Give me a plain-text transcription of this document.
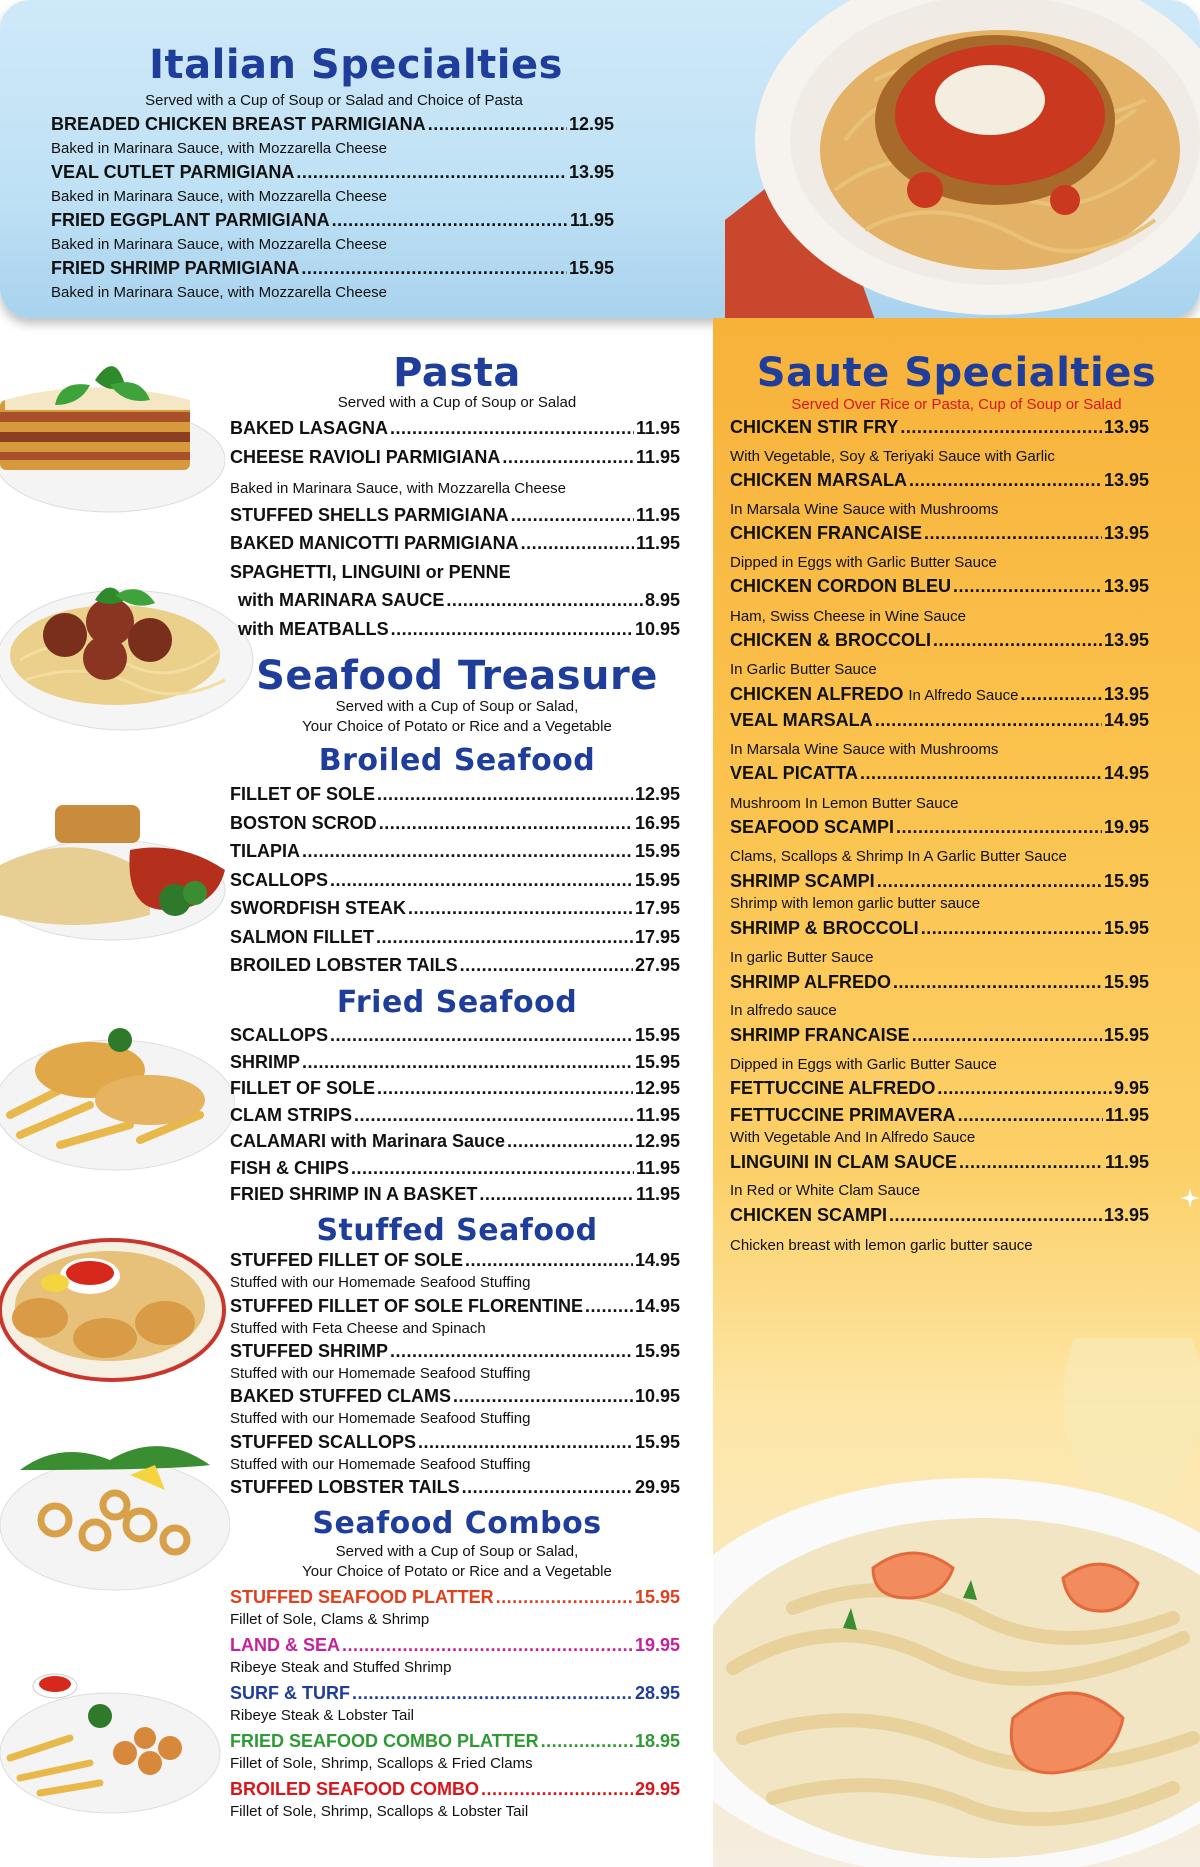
Italian Specialties
Served with a Cup of Soup or Salad and Choice of Pasta
BREADED CHICKEN BREAST PARMIGIANA .....	12.95
Baked in Marinara Sauce, with Mozzarella Cheese
VEAL CUTLET PARMIGIANA .....	13.95
Baked in Marinara Sauce, with Mozzarella Cheese
FRIED EGGPLANT PARMIGIANA .....	11.95
Baked in Marinara Sauce, with Mozzarella Cheese
FRIED SHRIMP PARMIGIANA .....	15.95
Baked in Marinara Sauce, with Mozzarella Cheese
Pasta
Served with a Cup of Soup or Salad
BAKED LASAGNA .....	11.95
CHEESE RAVIOLI PARMIGIANA .....	11.95
Baked in Marinara Sauce, with Mozzarella Cheese
STUFFED SHELLS PARMIGIANA .....	11.95
BAKED MANICOTTI PARMIGIANA .....	11.95
SPAGHETTI, LINGUINI or PENNE
with MARINARA SAUCE .....	8.95
with MEATBALLS .....	10.95
Seafood Treasure
Served with a Cup of Soup or Salad,
Your Choice of Potato or Rice and a Vegetable
Broiled Seafood
FILLET OF SOLE .....	12.95
BOSTON SCROD .....	16.95
TILAPIA .....	15.95
SCALLOPS .....	15.95
SWORDFISH STEAK .....	17.95
SALMON FILLET .....	17.95
BROILED LOBSTER TAILS .....	27.95
Fried Seafood
SCALLOPS .....	15.95
SHRIMP .....	15.95
FILLET OF SOLE .....	12.95
CLAM STRIPS .....	11.95
CALAMARI with Marinara Sauce .....	12.95
FISH & CHIPS .....	11.95
FRIED SHRIMP IN A BASKET .....	11.95
Stuffed Seafood
STUFFED FILLET OF SOLE .....	14.95
Stuffed with our Homemade Seafood Stuffing
STUFFED FILLET OF SOLE FLORENTINE .....	14.95
Stuffed with Feta Cheese and Spinach
STUFFED SHRIMP .....	15.95
Stuffed with our Homemade Seafood Stuffing
BAKED STUFFED CLAMS .....	10.95
Stuffed with our Homemade Seafood Stuffing
STUFFED SCALLOPS .....	15.95
Stuffed with our Homemade Seafood Stuffing
STUFFED LOBSTER TAILS .....	29.95
Seafood Combos
Served with a Cup of Soup or Salad,
Your Choice of Potato or Rice and a Vegetable
STUFFED SEAFOOD PLATTER .....	15.95
Fillet of Sole, Clams & Shrimp
LAND & SEA .....	19.95
Ribeye Steak and Stuffed Shrimp
SURF & TURF .....	28.95
Ribeye Steak & Lobster Tail
FRIED SEAFOOD COMBO PLATTER .....	18.95
Fillet of Sole, Shrimp, Scallops & Fried Clams
BROILED SEAFOOD COMBO .....	29.95
Fillet of Sole, Shrimp, Scallops & Lobster Tail
Saute Specialties
Served Over Rice or Pasta, Cup of Soup or Salad
CHICKEN STIR FRY .....	13.95
With Vegetable, Soy & Teriyaki Sauce with Garlic
CHICKEN MARSALA .....	13.95
In Marsala Wine Sauce with Mushrooms
CHICKEN FRANCAISE .....	13.95
Dipped in Eggs with Garlic Butter Sauce
CHICKEN CORDON BLEU .....	13.95
Ham, Swiss Cheese in Wine Sauce
CHICKEN & BROCCOLI .....	13.95
In Garlic Butter Sauce
CHICKEN ALFREDO In Alfredo Sauce .....	13.95
VEAL MARSALA .....	14.95
In Marsala Wine Sauce with Mushrooms
VEAL PICATTA .....	14.95
Mushroom In Lemon Butter Sauce
SEAFOOD SCAMPI .....	19.95
Clams, Scallops & Shrimp In A Garlic Butter Sauce
SHRIMP SCAMPI .....	15.95
Shrimp with lemon garlic butter sauce
SHRIMP & BROCCOLI .....	15.95
In garlic Butter Sauce
SHRIMP ALFREDO .....	15.95
In alfredo sauce
SHRIMP FRANCAISE .....	15.95
Dipped in Eggs with Garlic Butter Sauce
FETTUCCINE ALFREDO .....	9.95
FETTUCCINE PRIMAVERA .....	11.95
With Vegetable And In Alfredo Sauce
LINGUINI IN CLAM SAUCE .....	11.95
In Red or White Clam Sauce
CHICKEN SCAMPI .....	13.95
Chicken breast with lemon garlic butter sauce
